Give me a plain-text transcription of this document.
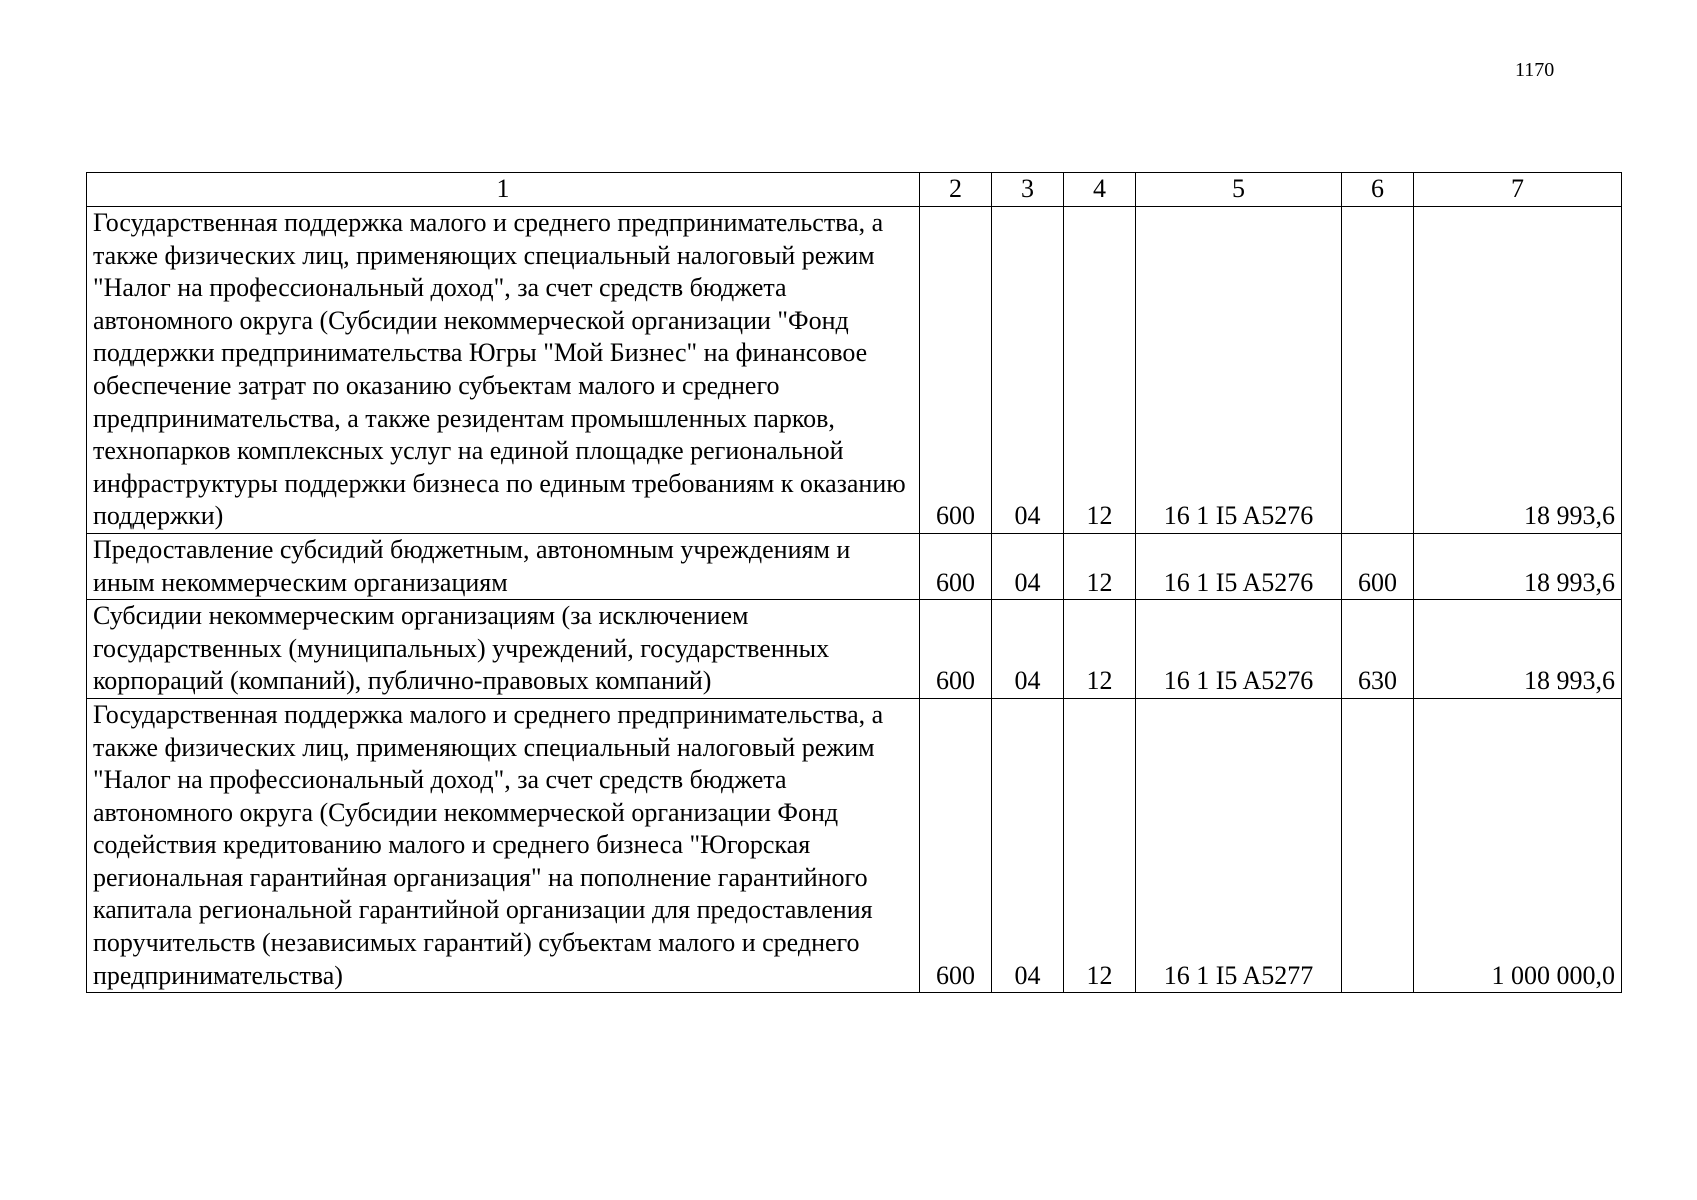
1170
1	2	3	4	5	6	7
Государственная поддержка малого и среднего предпринимательства, а также физических лиц, применяющих специальный налоговый режим "Налог на профессиональный доход", за счет средств бюджета автономного округа (Субсидии некоммерческой организации "Фонд поддержки предпринимательства Югры "Мой Бизнес" на финансовое обеспечение затрат по оказанию субъектам малого и среднего предпринимательства, а также резидентам промышленных парков, технопарков комплексных услуг на единой площадке региональной инфраструктуры поддержки бизнеса по единым требованиям к оказанию поддержки)	600	04	12	16 1 I5 A5276		18 993,6
Предоставление субсидий бюджетным, автономным учреждениям и иным некоммерческим организациям	600	04	12	16 1 I5 A5276	600	18 993,6
Субсидии некоммерческим организациям (за исключением государственных (муниципальных) учреждений, государственных корпораций (компаний), публично-правовых компаний)	600	04	12	16 1 I5 A5276	630	18 993,6
Государственная поддержка малого и среднего предпринимательства, а также физических лиц, применяющих специальный налоговый режим "Налог на профессиональный доход", за счет средств бюджета автономного округа (Субсидии некоммерческой организации Фонд содействия кредитованию малого и среднего бизнеса "Югорская региональная гарантийная организация" на пополнение гарантийного капитала региональной гарантийной организации для предоставления поручительств (независимых гарантий) субъектам малого и среднего предпринимательства)	600	04	12	16 1 I5 A5277		1 000 000,0
